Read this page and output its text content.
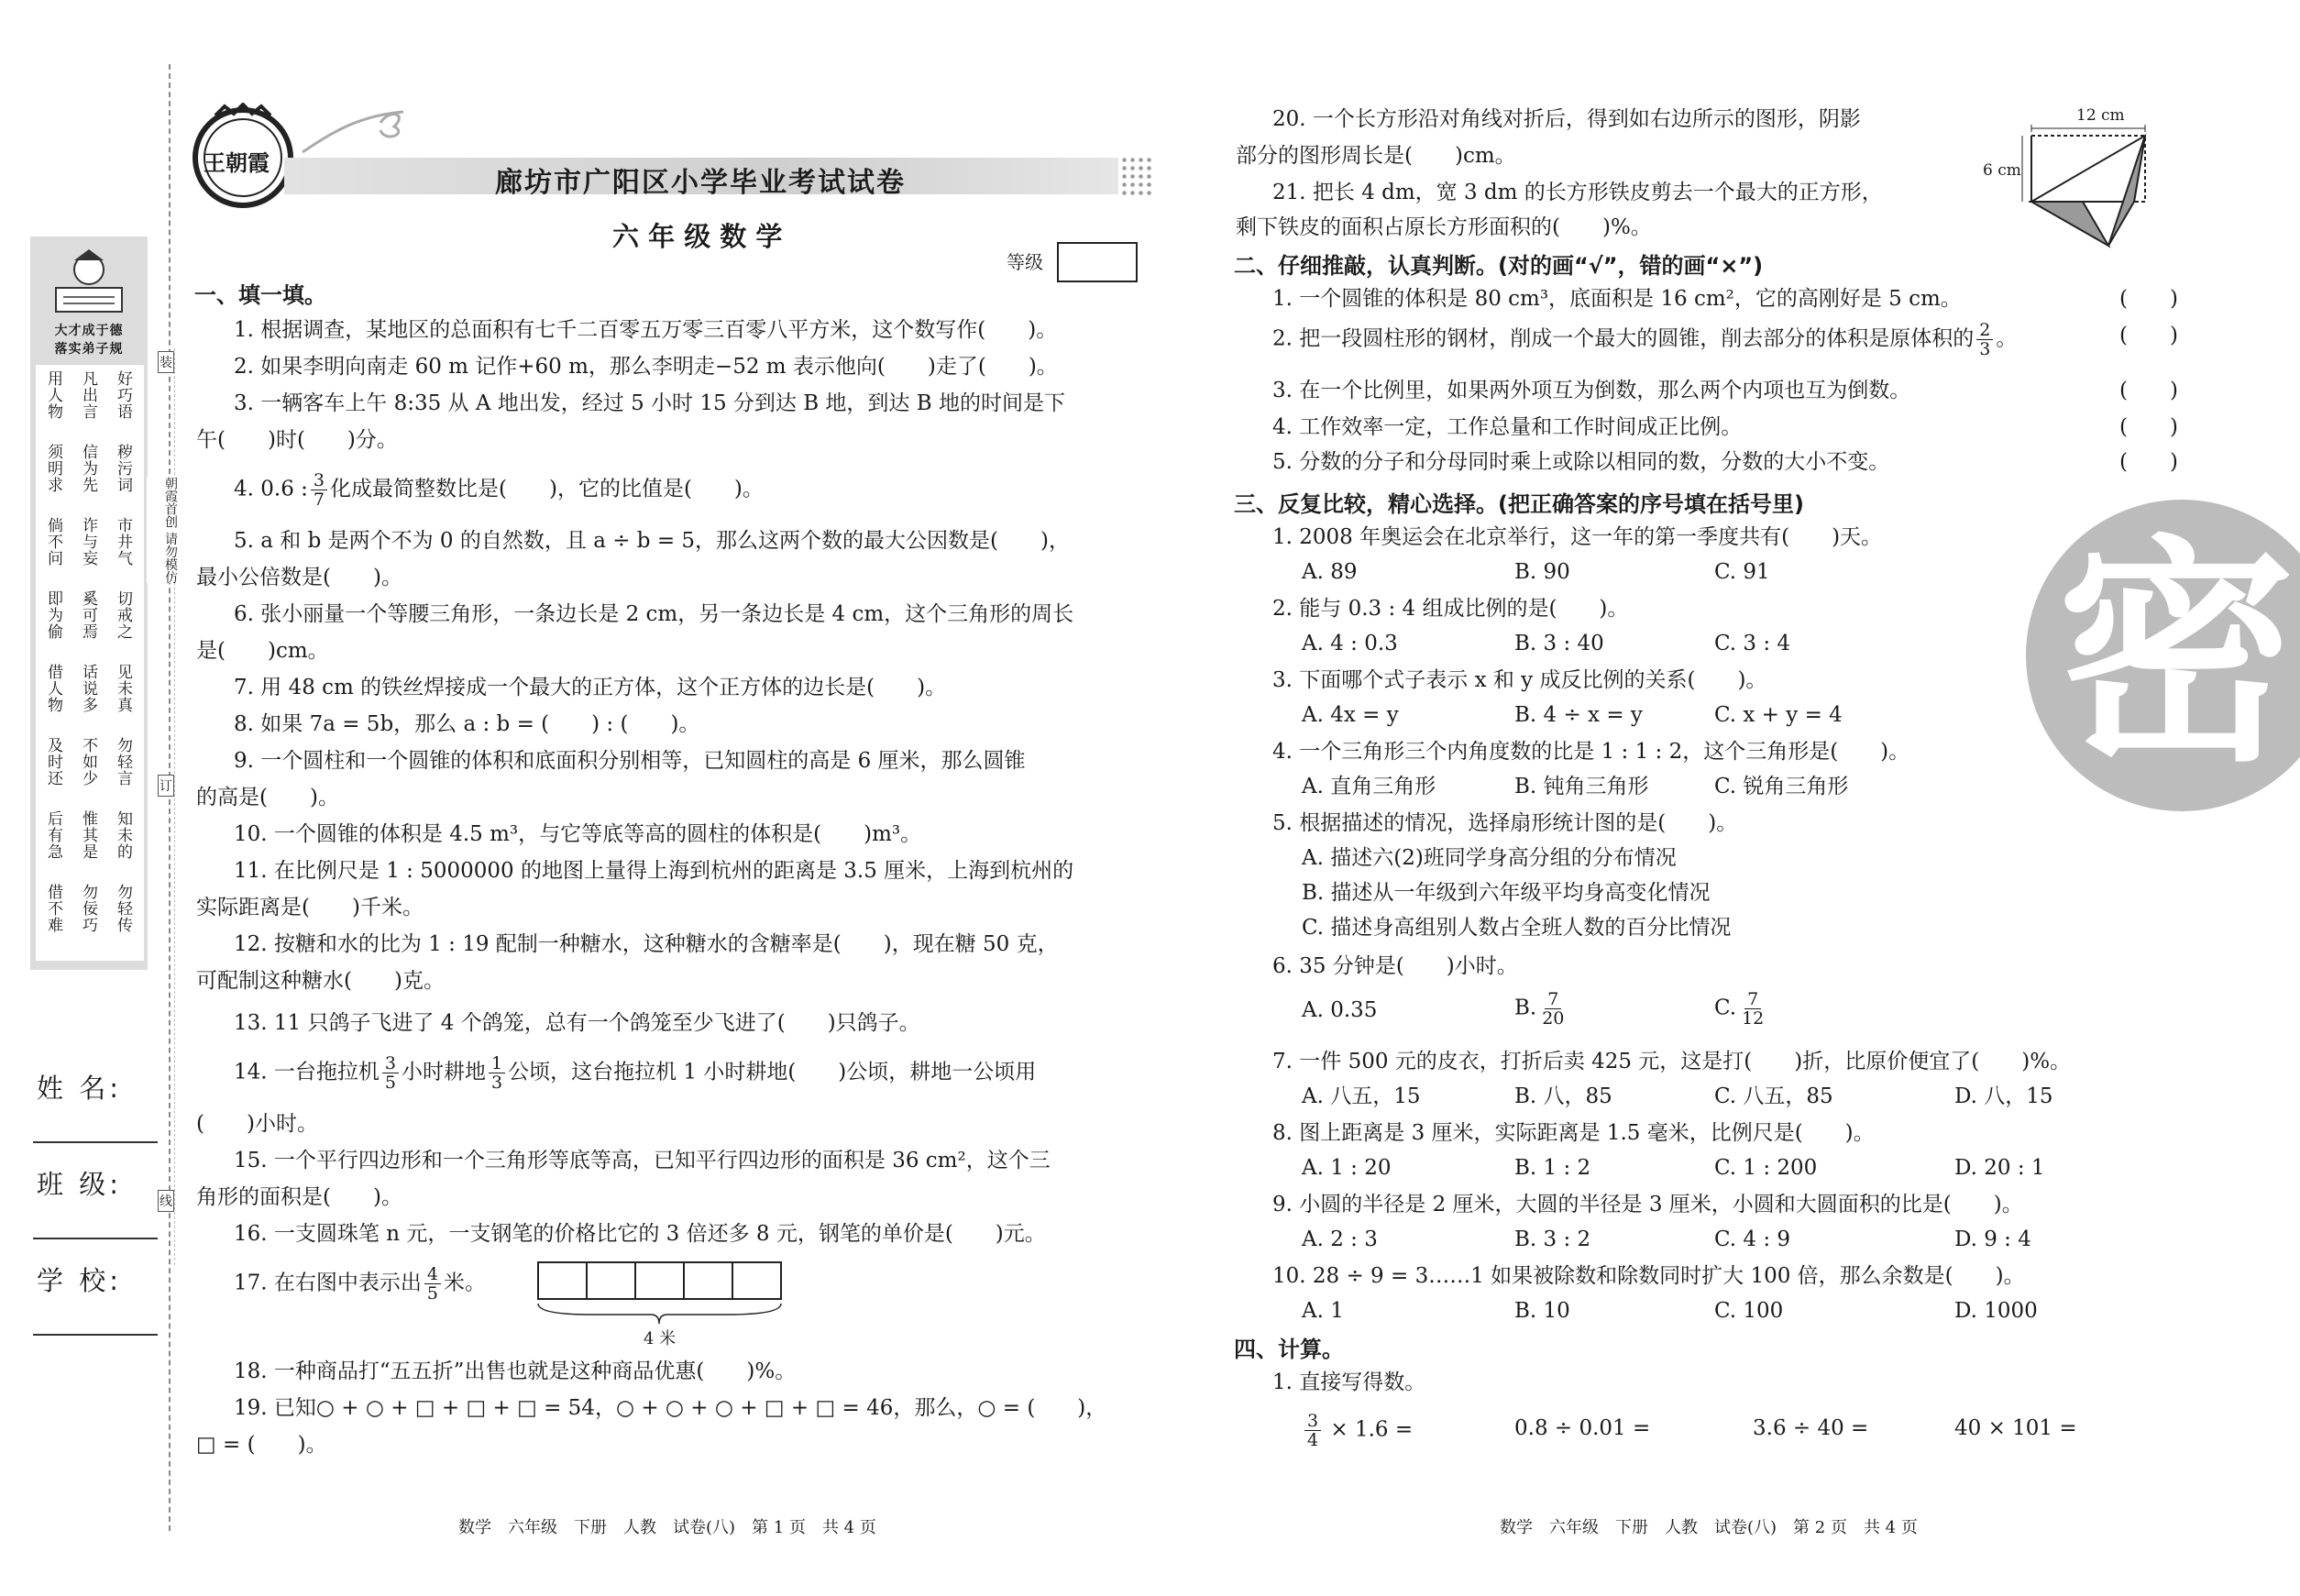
大才成于德
落实弟子规
好巧语
凡出言
用人物
秽污词
信为先
须明求
市井气
诈与妄
倘不问
切戒之
奚可焉
即为偷
见未真
话说多
借人物
勿轻言
不如少
及时还
知未的
惟其是
后有急
勿轻传
勿佞巧
借不难
朝霞首创 请勿模仿
装
订
线
姓 名:
班 级:
学 校:
王朝霞
廊坊市广阳区小学毕业考试试卷
六 年 级 数 学
等级
一、填一填。
1. 根据调查，某地区的总面积有七千二百零五万零三百零八平方米，这个数写作(　　)。
2. 如果李明向南走 60 m 记作+60 m，那么李明走−52 m 表示他向(　　)走了(　　)。
3. 一辆客车上午 8:35 从 A 地出发，经过 5 小时 15 分到达 B 地，到达 B 地的时间是下
午(　　)时(　　)分。
4. 0.6 : $\frac{3}{7}$ 化成最简整数比是(　　)，它的比值是(　　)。
5. a 和 b 是两个不为 0 的自然数，且 a ÷ b = 5，那么这两个数的最大公因数是(　　)，
最小公倍数是(　　)。
6. 张小丽量一个等腰三角形，一条边长是 2 cm，另一条边长是 4 cm，这个三角形的周长
是(　　)cm。
7. 用 48 cm 的铁丝焊接成一个最大的正方体，这个正方体的边长是(　　)。
8. 如果 7a = 5b，那么 a : b = (　　) : (　　)。
9. 一个圆柱和一个圆锥的体积和底面积分别相等，已知圆柱的高是 6 厘米，那么圆锥
的高是(　　)。
10. 一个圆锥的体积是 4.5 m³，与它等底等高的圆柱的体积是(　　)m³。
11. 在比例尺是 1 : 5000000 的地图上量得上海到杭州的距离是 3.5 厘米，上海到杭州的
实际距离是(　　)千米。
12. 按糖和水的比为 1 : 19 配制一种糖水，这种糖水的含糖率是(　　)，现在糖 50 克，
可配制这种糖水(　　)克。
13. 11 只鸽子飞进了 4 个鸽笼，总有一个鸽笼至少飞进了(　　)只鸽子。
14. 一台拖拉机 $\frac{3}{5}$ 小时耕地 $\frac{1}{3}$ 公顷，这台拖拉机 1 小时耕地(　　)公顷，耕地一公顷用
(　　)小时。
15. 一个平行四边形和一个三角形等底等高，已知平行四边形的面积是 36 cm²，这个三
角形的面积是(　　)。
16. 一支圆珠笔 n 元，一支钢笔的价格比它的 3 倍还多 8 元，钢笔的单价是(　　)元。
17. 在右图中表示出 $\frac{4}{5}$ 米。
4 米
18. 一种商品打“五五折”出售也就是这种商品优惠(　　)%。
19. 已知○ + ○ + □ + □ + □ = 54，○ + ○ + ○ + □ + □ = 46，那么，○ = (　　)，
□ = (　　)。
数学　六年级　下册　人教　试卷(八)　第 1 页　共 4 页
20. 一个长方形沿对角线对折后，得到如右边所示的图形，阴影
部分的图形周长是(　　)cm。
21. 把长 4 dm，宽 3 dm 的长方形铁皮剪去一个最大的正方形，
剩下铁皮的面积占原长方形面积的(　　)%。
12 cm
6 cm
二、仔细推敲，认真判断。(对的画“√”，错的画“×”)
1. 一个圆锥的体积是 80 cm³，底面积是 16 cm²，它的高刚好是 5 cm。	(　　)
2. 把一段圆柱形的钢材，削成一个最大的圆锥，削去部分的体积是原体积的 $\frac{2}{3}$ 。	(　　)
3. 在一个比例里，如果两外项互为倒数，那么两个内项也互为倒数。	(　　)
4. 工作效率一定，工作总量和工作时间成正比例。	(　　)
5. 分数的分子和分母同时乘上或除以相同的数，分数的大小不变。	(　　)
三、反复比较，精心选择。(把正确答案的序号填在括号里)
1. 2008 年奥运会在北京举行，这一年的第一季度共有(　　)天。
A. 89	B. 90	C. 91
2. 能与 0.3 : 4 组成比例的是(　　)。
A. 4 : 0.3	B. 3 : 40	C. 3 : 4
3. 下面哪个式子表示 x 和 y 成反比例的关系(　　)。
A. 4x = y	B. 4 ÷ x = y	C. x + y = 4
4. 一个三角形三个内角度数的比是 1 : 1 : 2，这个三角形是(　　)。
A. 直角三角形	B. 钝角三角形	C. 锐角三角形
5. 根据描述的情况，选择扇形统计图的是(　　)。
A. 描述六(2)班同学身高分组的分布情况
B. 描述从一年级到六年级平均身高变化情况
C. 描述身高组别人数占全班人数的百分比情况
6. 35 分钟是(　　)小时。
A. 0.35	B. $\frac{7}{20}$	C. $\frac{7}{12}$
7. 一件 500 元的皮衣，打折后卖 425 元，这是打(　　)折，比原价便宜了(　　)%。
A. 八五，15	B. 八，85	C. 八五，85	D. 八，15
8. 图上距离是 3 厘米，实际距离是 1.5 毫米，比例尺是(　　)。
A. 1 : 20	B. 1 : 2	C. 1 : 200	D. 20 : 1
9. 小圆的半径是 2 厘米，大圆的半径是 3 厘米，小圆和大圆面积的比是(　　)。
A. 2 : 3	B. 3 : 2	C. 4 : 9	D. 9 : 4
10. 28 ÷ 9 = 3……1 如果被除数和除数同时扩大 100 倍，那么余数是(　　)。
A. 1	B. 10	C. 100	D. 1000
四、计算。
1. 直接写得数。
$\frac{3}{4} \times 1.6$ =	0.8 ÷ 0.01 =	3.6 ÷ 40 =	40 × 101 =
数学　六年级　下册　人教　试卷(八)　第 2 页　共 4 页
密
